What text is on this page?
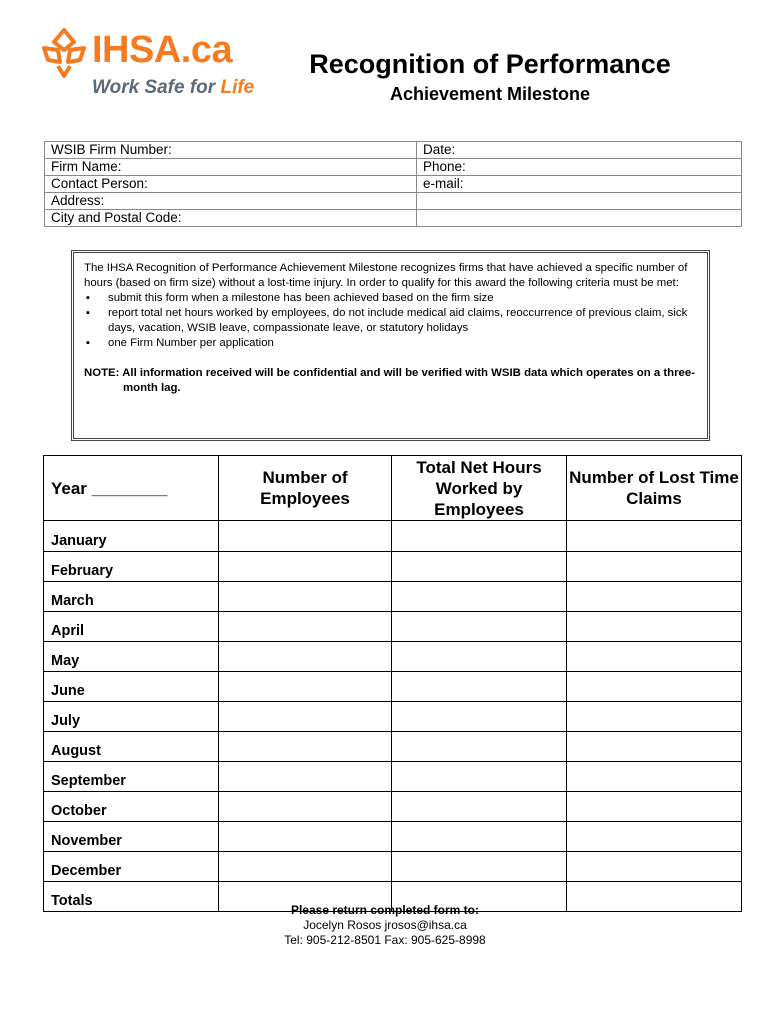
IHSA.ca
Work Safe for Life
Recognition of Performance
Achievement Milestone
WSIB Firm Number:	Date:
Firm Name:	Phone:
Contact Person:	e-mail:
Address:	
City and Postal Code:	

The IHSA Recognition of Performance Achievement Milestone recognizes firms that have achieved a specific number of hours (based on firm size) without a lost-time injury. In order to qualify for this award the following criteria must be met:

▪ submit this form when a milestone has been achieved based on the firm size
▪ report total net hours worked by employees, do not include medical aid claims, reoccurrence of previous claim, sick days, vacation, WSIB leave, compassionate leave, or statutory holidays
▪ one Firm Number per application

NOTE: All information received will be confidential and will be verified with WSIB data which operates on a three-month lag.

Year ________	Number of Employees	Total Net Hours Worked by Employees	Number of Lost Time Claims
January			
February			
March			
April			
May			
June			
July			
August			
September			
October			
November			
December			
Totals			
Please return completed form to:
Jocelyn Rosos jrosos@ihsa.ca
Tel: 905-212-8501 Fax: 905-625-8998
